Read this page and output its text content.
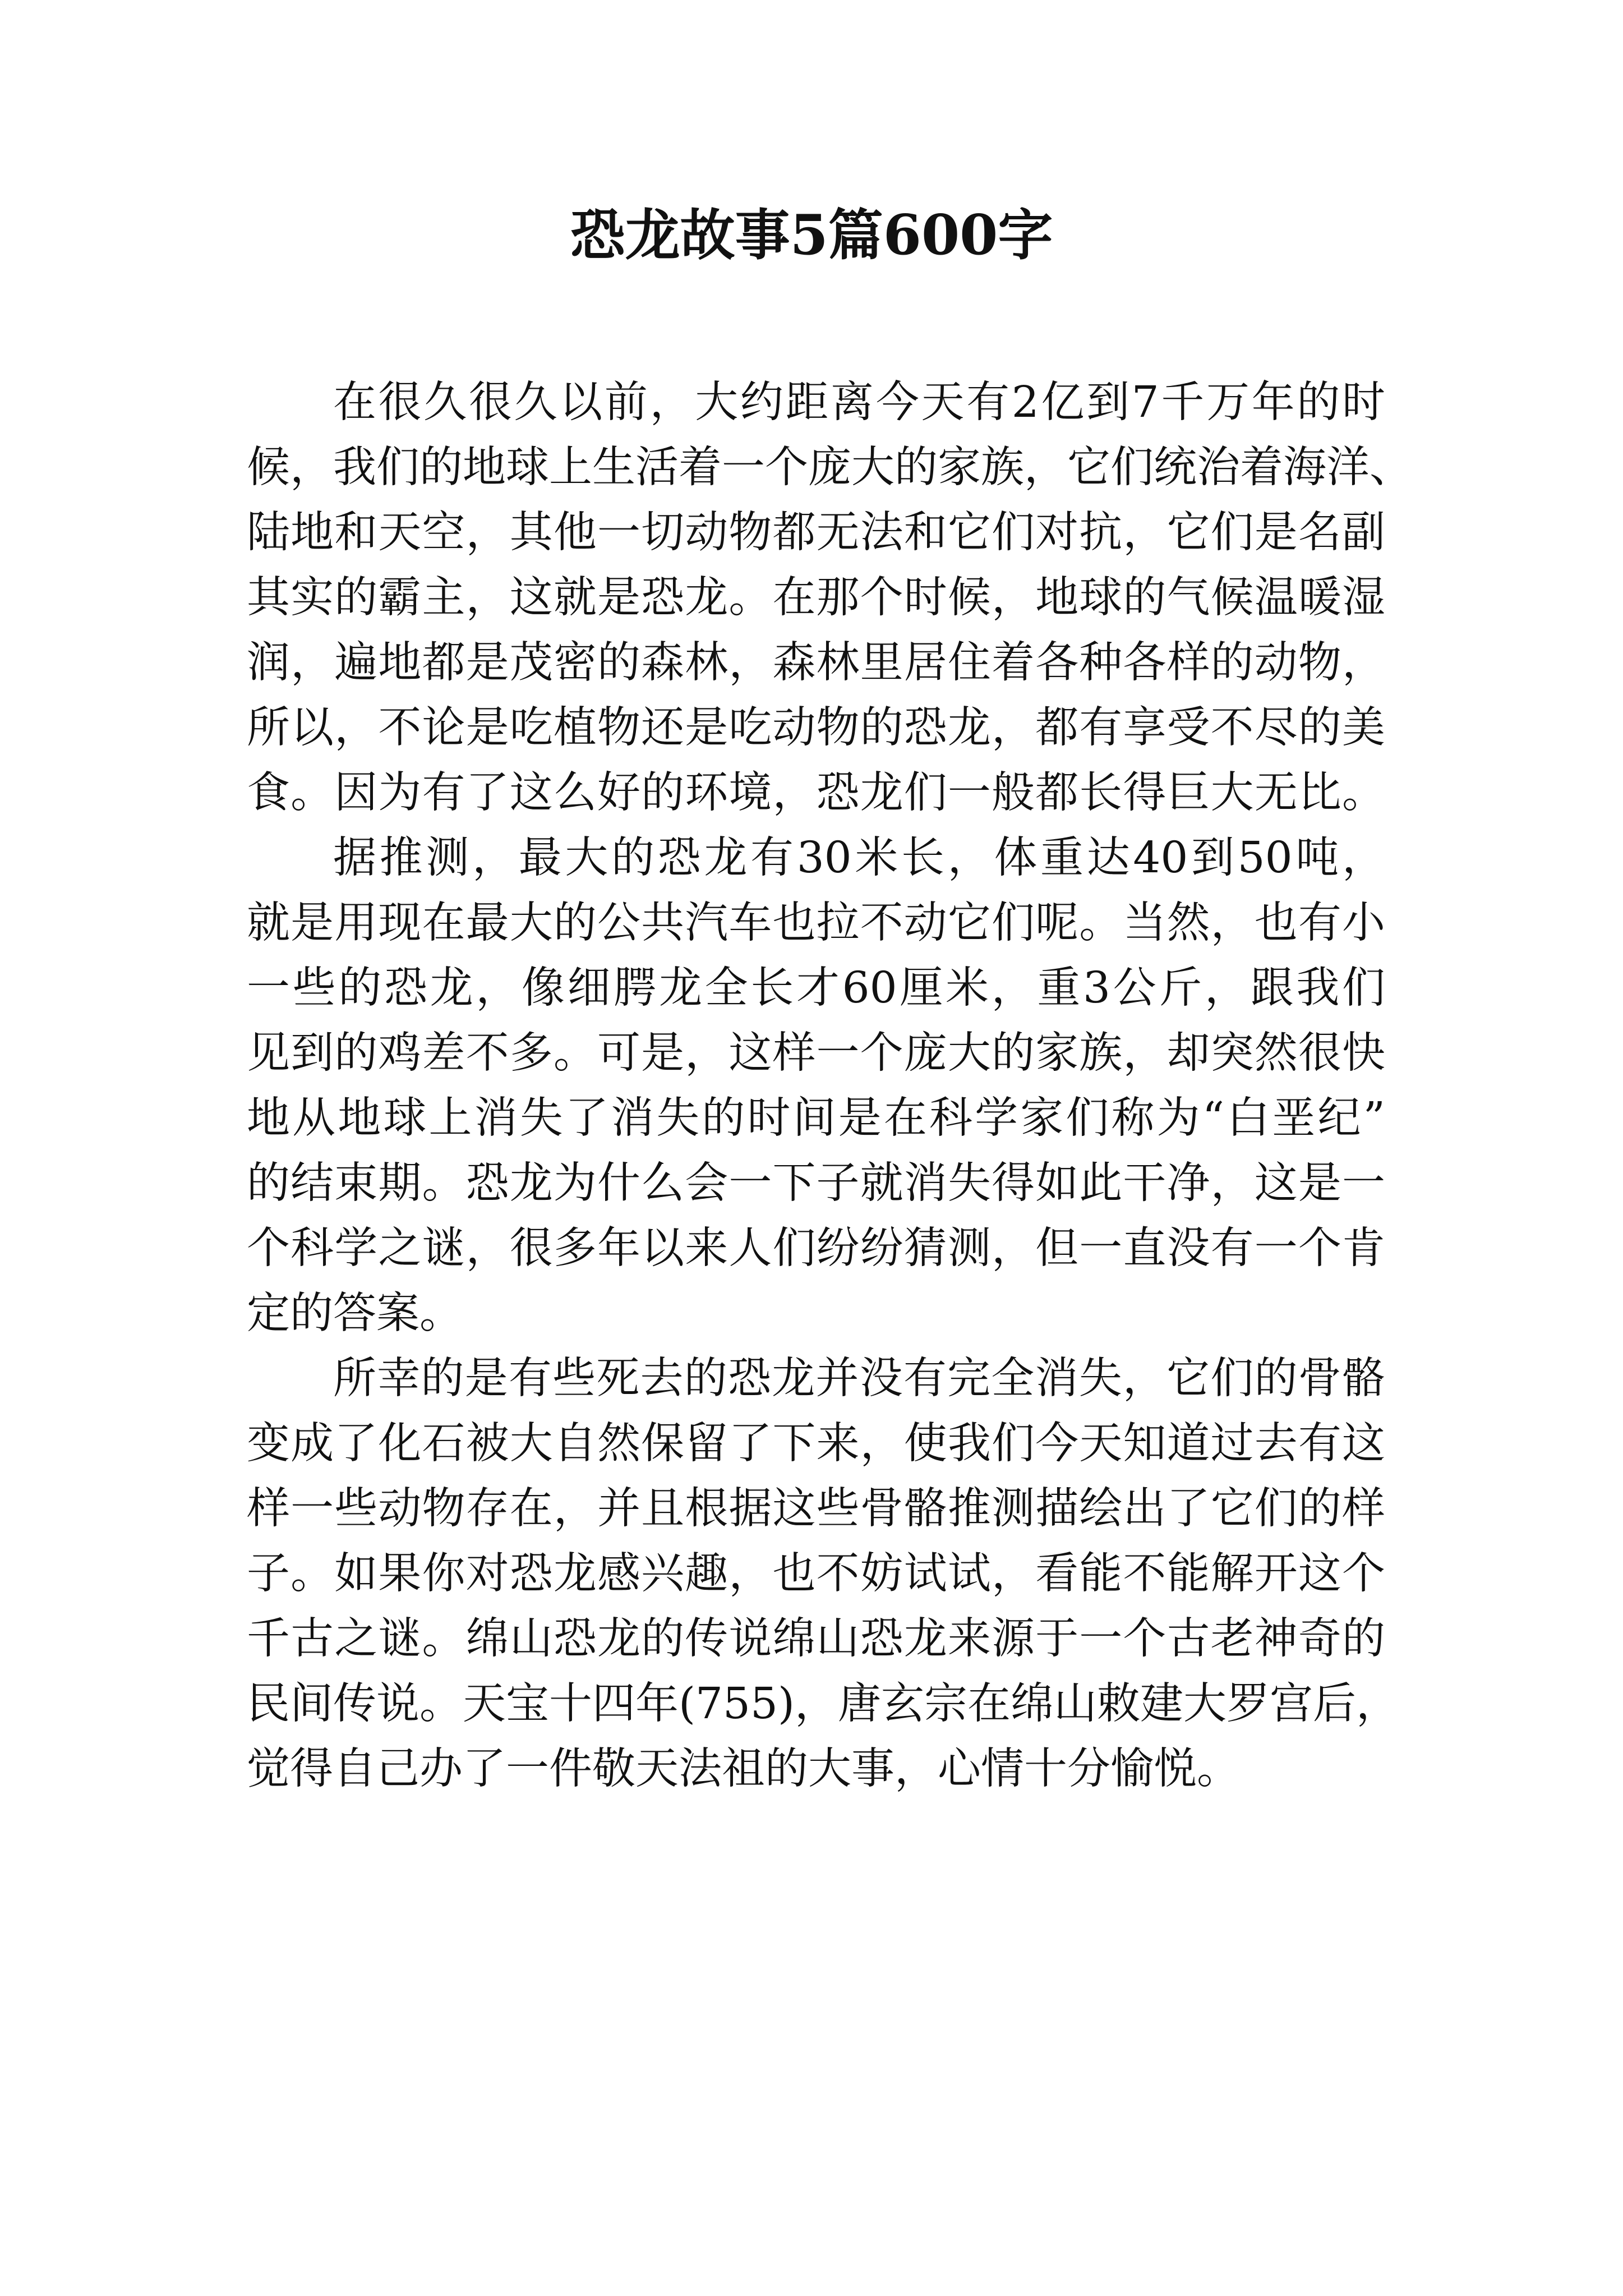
恐龙故事5篇600字
在很久很久以前，大约距离今天有2亿到7千万年的时
候，我们的地球上生活着一个庞大的家族，它们统治着海洋、
陆地和天空，其他一切动物都无法和它们对抗，它们是名副
其实的霸主，这就是恐龙。在那个时候，地球的气候温暖湿
润，遍地都是茂密的森林，森林里居住着各种各样的动物，
所以，不论是吃植物还是吃动物的恐龙，都有享受不尽的美
食。因为有了这么好的环境，恐龙们一般都长得巨大无比。
据推测，最大的恐龙有30米长，体重达40到50吨，
就是用现在最大的公共汽车也拉不动它们呢。当然，也有小
一些的恐龙，像细腭龙全长才60厘米，重3公斤，跟我们
见到的鸡差不多。可是，这样一个庞大的家族，却突然很快
地从地球上消失了消失的时间是在科学家们称为“白垩纪”
的结束期。恐龙为什么会一下子就消失得如此干净，这是一
个科学之谜，很多年以来人们纷纷猜测，但一直没有一个肯
定的答案。
所幸的是有些死去的恐龙并没有完全消失，它们的骨骼
变成了化石被大自然保留了下来，使我们今天知道过去有这
样一些动物存在，并且根据这些骨骼推测描绘出了它们的样
子。如果你对恐龙感兴趣，也不妨试试，看能不能解开这个
千古之谜。绵山恐龙的传说绵山恐龙来源于一个古老神奇的
民间传说。天宝十四年(755)，唐玄宗在绵山敕建大罗宫后，
觉得自己办了一件敬天法祖的大事，心情十分愉悦。
